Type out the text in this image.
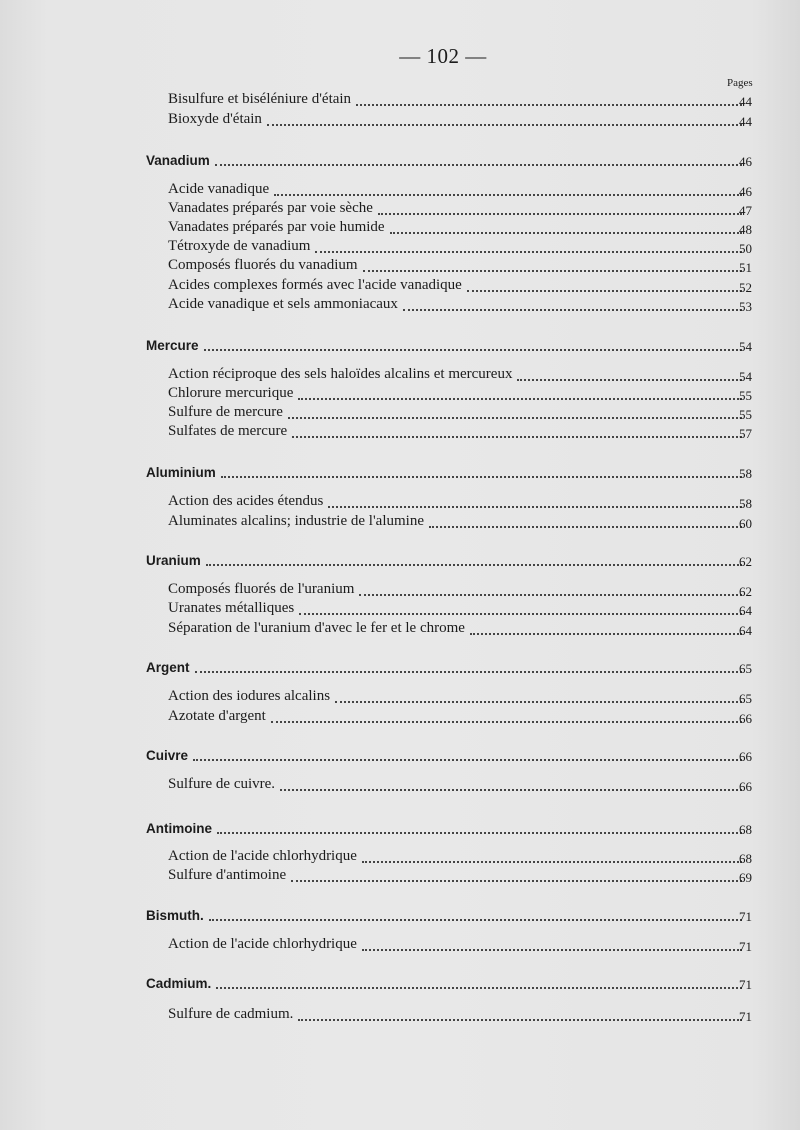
— 102 —
Pages
Bisulfure et biséléniure d'étain	44
Bioxyde d'étain	44
Vanadium	46
Acide vanadique	46
Vanadates préparés par voie sèche	47
Vanadates préparés par voie humide	48
Tétroxyde de vanadium	50
Composés fluorés du vanadium	51
Acides complexes formés avec l'acide vanadique	52
Acide vanadique et sels ammoniacaux	53
Mercure	54
Action réciproque des sels haloïdes alcalins et mercureux	54
Chlorure mercurique	55
Sulfure de mercure	55
Sulfates de mercure	57
Aluminium	58
Action des acides étendus	58
Aluminates alcalins; industrie de l'alumine	60
Uranium	62
Composés fluorés de l'uranium	62
Uranates métalliques	64
Séparation de l'uranium d'avec le fer et le chrome	64
Argent	65
Action des iodures alcalins	65
Azotate d'argent	66
Cuivre	66
Sulfure de cuivre.	66
Antimoine	68
Action de l'acide chlorhydrique	68
Sulfure d'antimoine	69
Bismuth.	71
Action de l'acide chlorhydrique	71
Cadmium.	71
Sulfure de cadmium.	71
